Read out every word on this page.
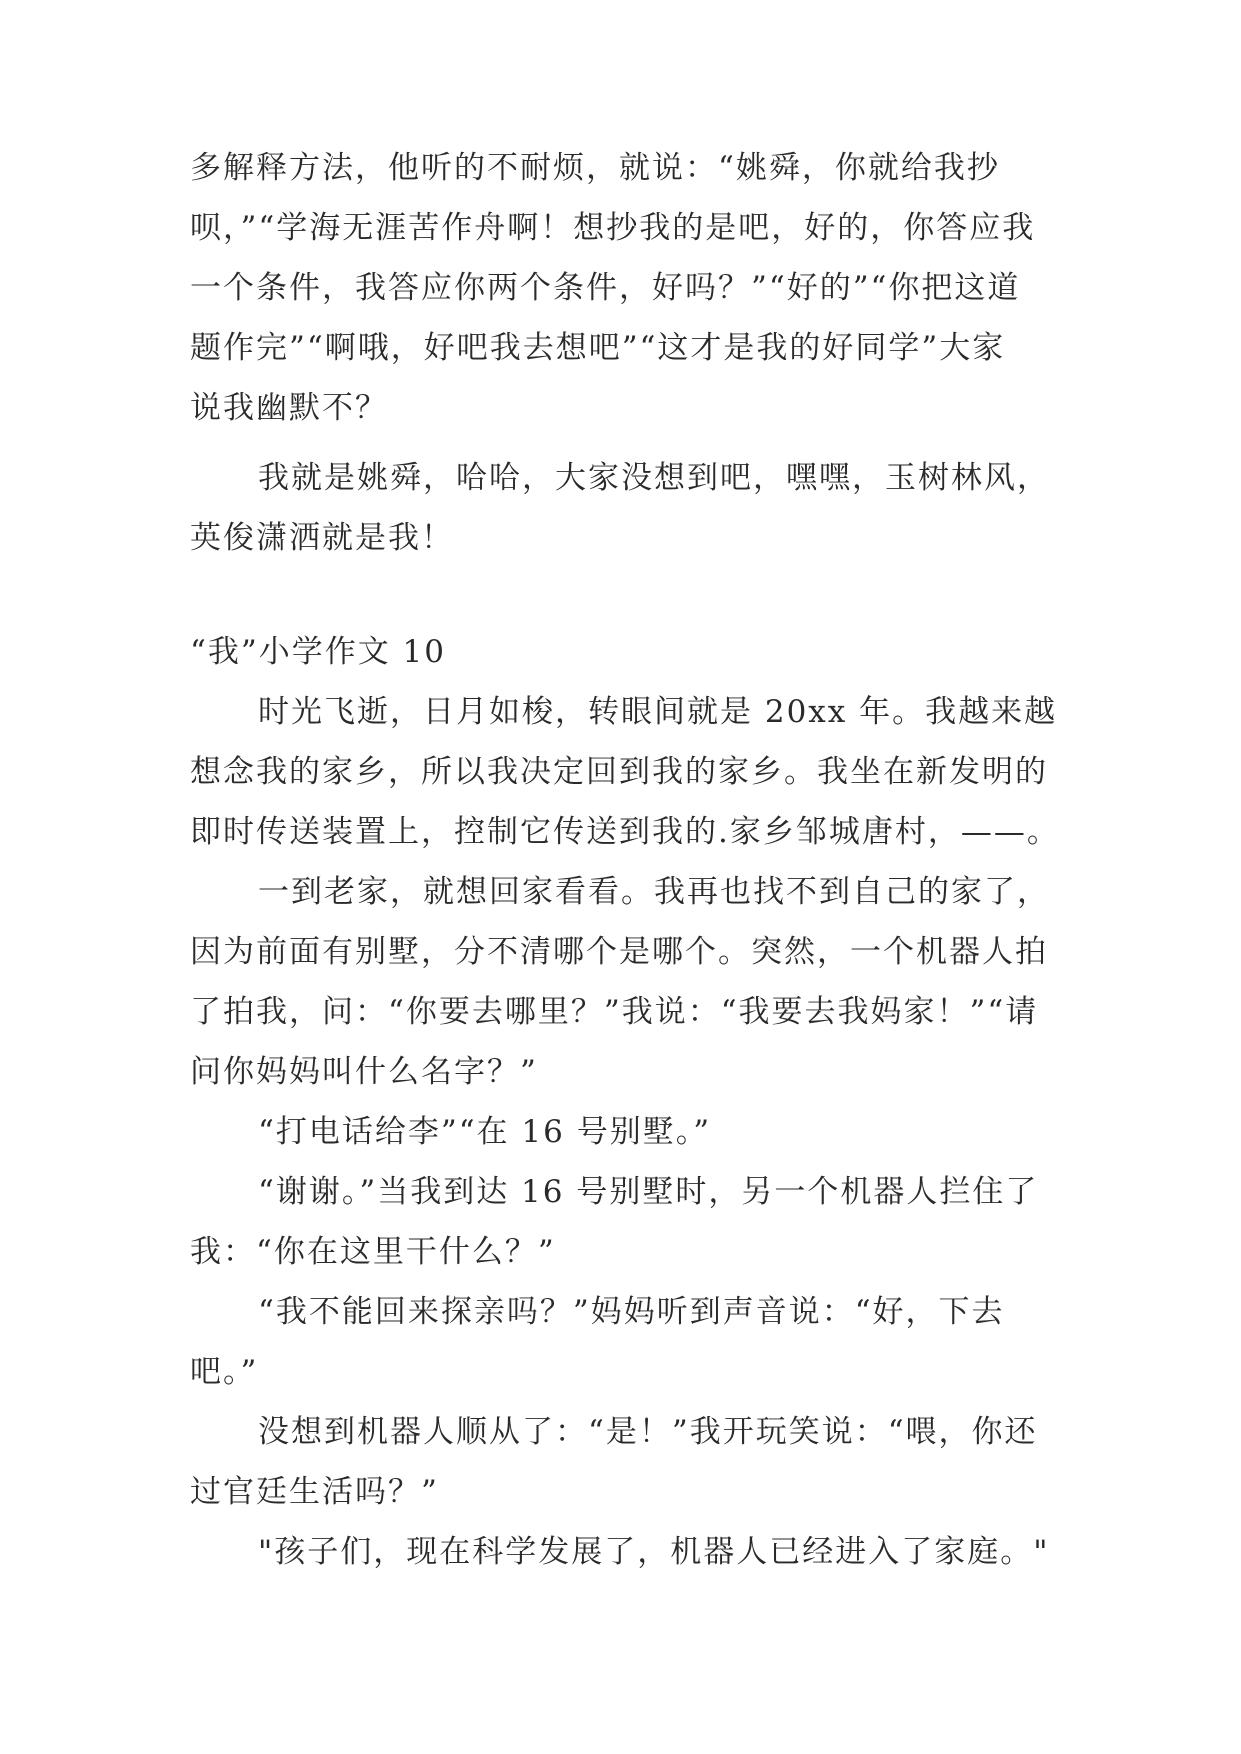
多解释方法，他听的不耐烦，就说：“姚舜，你就给我抄
呗，”“学海无涯苦作舟啊！想抄我的是吧，好的，你答应我
一个条件，我答应你两个条件，好吗？”“好的”“你把这道
题作完”“啊哦，好吧我去想吧”“这才是我的好同学”大家
说我幽默不？
我就是姚舜，哈哈，大家没想到吧，嘿嘿，玉树林风，
英俊潇洒就是我！
“我”小学作文 10
时光飞逝，日月如梭，转眼间就是 20xx 年。我越来越
想念我的家乡，所以我决定回到我的家乡。我坐在新发明的
即时传送装置上，控制它传送到我的.家乡邹城唐村，——。
一到老家，就想回家看看。我再也找不到自己的家了，
因为前面有别墅，分不清哪个是哪个。突然，一个机器人拍
了拍我，问：“你要去哪里？”我说：“我要去我妈家！”“请
问你妈妈叫什么名字？”
“打电话给李”“在 16 号别墅。”
“谢谢。”当我到达 16 号别墅时，另一个机器人拦住了
我：“你在这里干什么？”
“我不能回来探亲吗？”妈妈听到声音说：“好，下去
吧。”
没想到机器人顺从了：“是！”我开玩笑说：“喂，你还
过官廷生活吗？”
"孩子们，现在科学发展了，机器人已经进入了家庭。"
